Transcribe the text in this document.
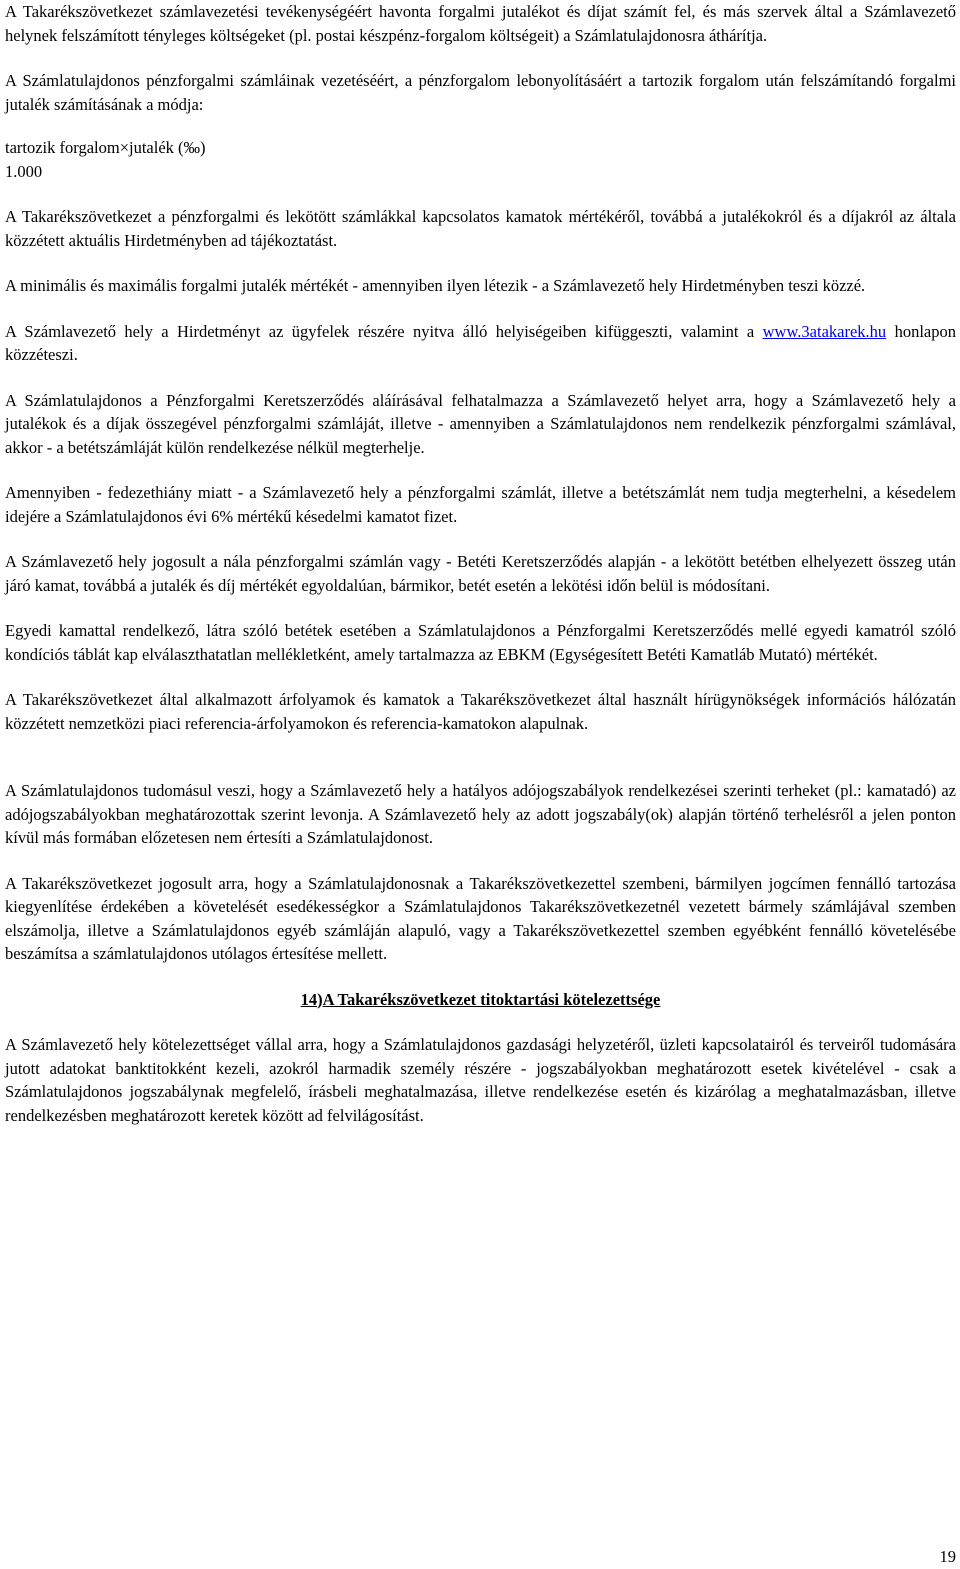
A Takarékszövetkezet számlavezetési tevékenységéért havonta forgalmi jutalékot és díjat számít fel, és más szervek által a Számlavezető helynek felszámított tényleges költségeket (pl. postai készpénz-forgalom költségeit) a Számlatulajdonosra áthárítja.

A Számlatulajdonos pénzforgalmi számláinak vezetéséért, a pénzforgalom lebonyolításáért a tartozik forgalom után felszámítandó forgalmi jutalék számításának a módja:

tartozik forgalom×jutalék (‰)

1.000

A Takarékszövetkezet a pénzforgalmi és lekötött számlákkal kapcsolatos kamatok mértékéről, továbbá a jutalékokról és a díjakról az általa közzétett aktuális Hirdetményben ad tájékoztatást.

A minimális és maximális forgalmi jutalék mértékét - amennyiben ilyen létezik - a Számlavezető hely Hirdetményben teszi közzé.

A Számlavezető hely a Hirdetményt az ügyfelek részére nyitva álló helyiségeiben kifüggeszti, valamint a www.3atakarek.hu honlapon közzéteszi.

A Számlatulajdonos a Pénzforgalmi Keretszerződés aláírásával felhatalmazza a Számlavezető helyet arra, hogy a Számlavezető hely a jutalékok és a díjak összegével pénzforgalmi számláját, illetve - amennyiben a Számlatulajdonos nem rendelkezik pénzforgalmi számlával, akkor - a betétszámláját külön rendelkezése nélkül megterhelje.

Amennyiben - fedezethiány miatt - a Számlavezető hely a pénzforgalmi számlát, illetve a betétszámlát nem tudja megterhelni, a késedelem idejére a Számlatulajdonos évi 6% mértékű késedelmi kamatot fizet.

A Számlavezető hely jogosult a nála pénzforgalmi számlán vagy - Betéti Keretszerződés alapján - a lekötött betétben elhelyezett összeg után járó kamat, továbbá a jutalék és díj mértékét egyoldalúan, bármikor, betét esetén a lekötési időn belül is módosítani.

Egyedi kamattal rendelkező, látra szóló betétek esetében a Számlatulajdonos a Pénzforgalmi Keretszerződés mellé egyedi kamatról szóló kondíciós táblát kap elválaszthatatlan mellékletként, amely tartalmazza az EBKM (Egységesített Betéti Kamatláb Mutató) mértékét.

A Takarékszövetkezet által alkalmazott árfolyamok és kamatok a Takarékszövetkezet által használt hírügynökségek információs hálózatán közzétett nemzetközi piaci referencia-árfolyamokon és referencia-kamatokon alapulnak.

A Számlatulajdonos tudomásul veszi, hogy a Számlavezető hely a hatályos adójogszabályok rendelkezései szerinti terheket (pl.: kamatadó) az adójogszabályokban meghatározottak szerint levonja. A Számlavezető hely az adott jogszabály(ok) alapján történő terhelésről a jelen ponton kívül más formában előzetesen nem értesíti a Számlatulajdonost.

A Takarékszövetkezet jogosult arra, hogy a Számlatulajdonosnak a Takarékszövetkezettel szembeni, bármilyen jogcímen fennálló tartozása kiegyenlítése érdekében a követelését esedékességkor a Számlatulajdonos Takarékszövetkezetnél vezetett bármely számlájával szemben elszámolja, illetve a Számlatulajdonos egyéb számláján alapuló, vagy a Takarékszövetkezettel szemben egyébként fennálló követelésébe beszámítsa a számlatulajdonos utólagos értesítése mellett.

14)A Takarékszövetkezet titoktartási kötelezettsége

A Számlavezető hely kötelezettséget vállal arra, hogy a Számlatulajdonos gazdasági helyzetéről, üzleti kapcsolatairól és terveiről tudomására jutott adatokat banktitokként kezeli, azokról harmadik személy részére - jogszabályokban meghatározott esetek kivételével - csak a Számlatulajdonos jogszabálynak megfelelő, írásbeli meghatalmazása, illetve rendelkezése esetén és kizárólag a meghatalmazásban, illetve rendelkezésben meghatározott keretek között ad felvilágosítást.

19
